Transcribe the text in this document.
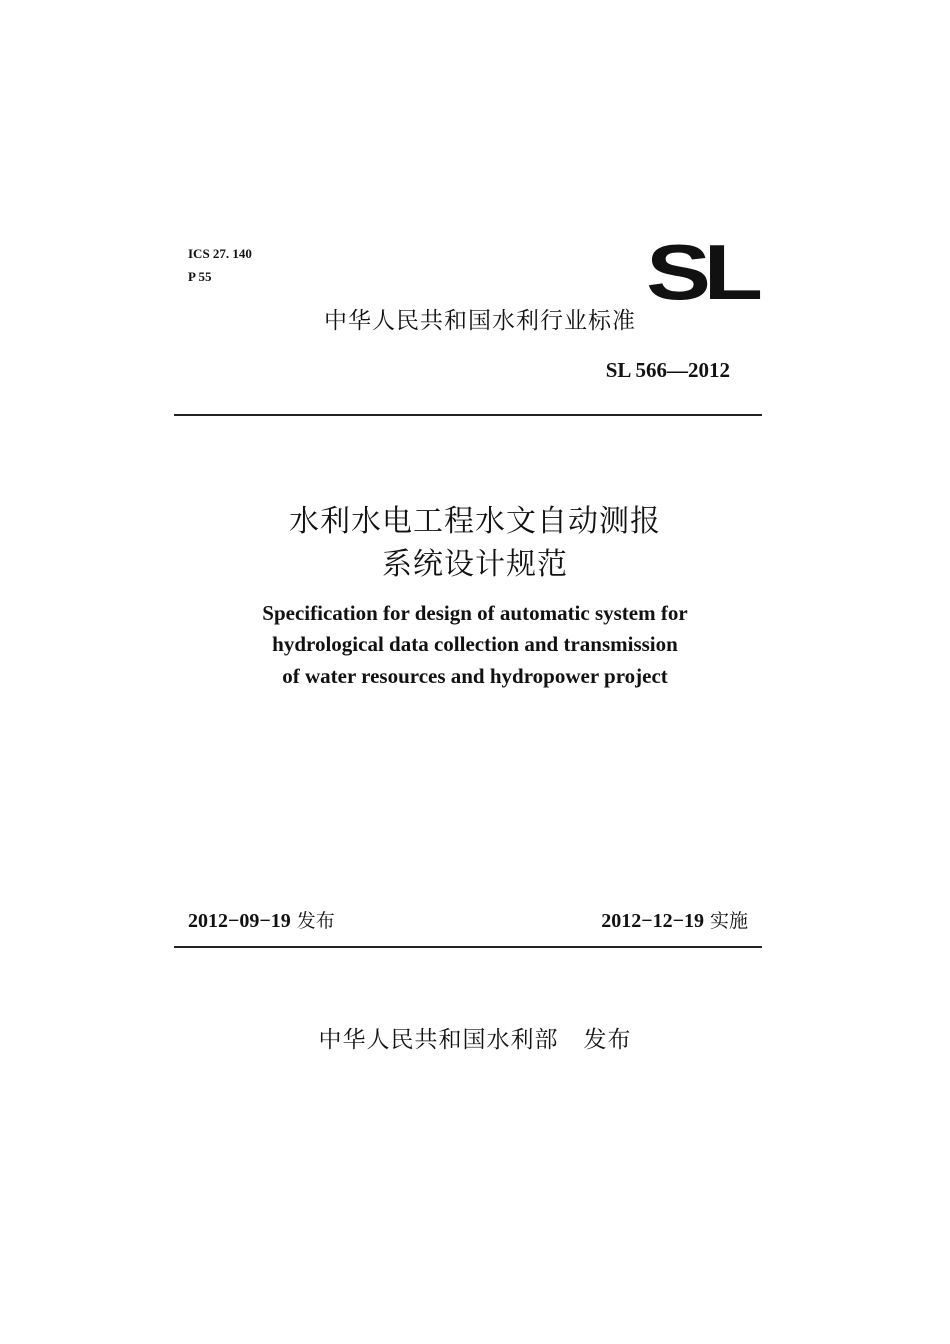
ICS 27. 140
P 55	SL
中华人民共和国水利行业标准
SL 566—2012
水利水电工程水文自动测报
系统设计规范
Specification for design of automatic system for
hydrological data collection and transmission
of water resources and hydropower project
2012−09−19 发布	2012−12−19 实施
中华人民共和国水利部 发布
